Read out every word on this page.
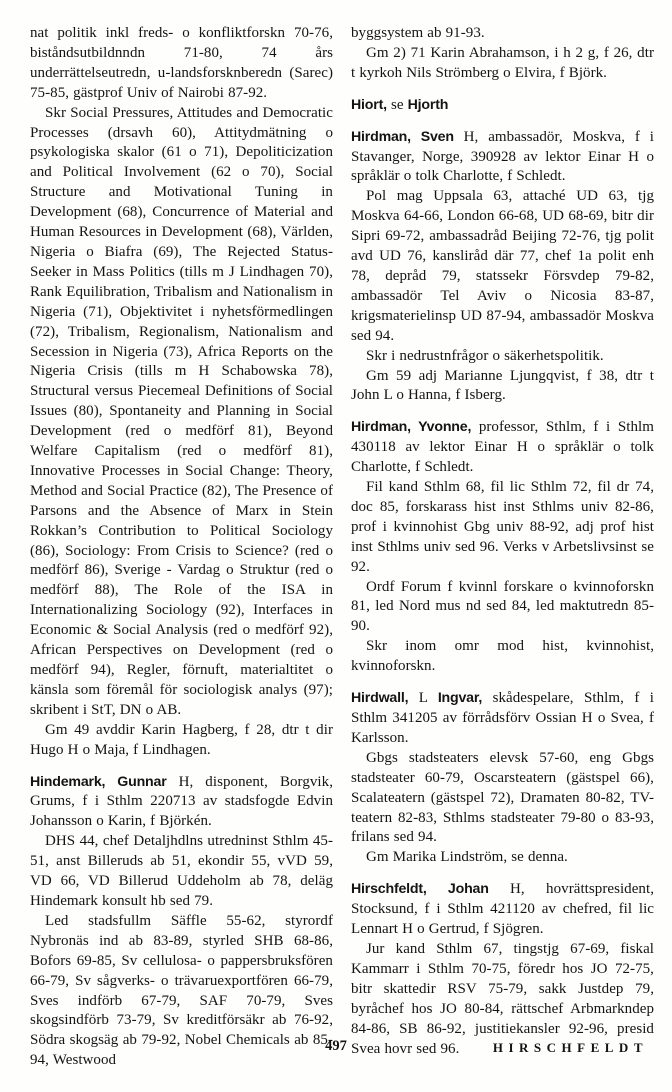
nat politik inkl freds- o konfliktforskn 70-76, biståndsutbildnndn 71-80, 74 års underrättelseutredn, u-landsforsknberedn (Sarec) 75-85, gästprof Univ of Nairobi 87-92.

Skr Social Pressures, Attitudes and Democratic Processes (drsavh 60), Attitydmätning o psykologiska skalor (61 o 71), Depoliticization and Political Involvement (62 o 70), Social Structure and Motivational Tuning in Development (68), Concurrence of Material and Human Resources in Development (68), Världen, Nigeria o Biafra (69), The Rejected Status-Seeker in Mass Politics (tills m J Lindhagen 70), Rank Equilibration, Tribalism and Nationalism in Nigeria (71), Objektivitet i nyhetsförmedlingen (72), Tribalism, Regionalism, Nationalism and Secession in Nigeria (73), Africa Reports on the Nigeria Crisis (tills m H Schabowska 78), Structural versus Piecemeal Definitions of Social Issues (80), Spontaneity and Planning in Social Development (red o medförf 81), Beyond Welfare Capitalism (red o medförf 81), Innovative Processes in Social Change: Theory, Method and Social Practice (82), The Presence of Parsons and the Absence of Marx in Stein Rokkan’s Contribution to Political Sociology (86), Sociology: From Crisis to Science? (red o medförf 86), Sverige - Vardag o Struktur (red o medförf 88), The Role of the ISA in Internationalizing Sociology (92), Interfaces in Economic & Social Analysis (red o medförf 92), African Perspectives on Development (red o medförf 94), Regler, förnuft, materialtitet o känsla som föremål för sociologisk analys (97); skribent i StT, DN o AB.

Gm 49 avddir Karin Hagberg, f 28, dtr t dir Hugo H o Maja, f Lindhagen.

Hindemark, Gunnar H, disponent, Borgvik, Grums, f i Sthlm 220713 av stadsfogde Edvin Johansson o Karin, f Björkén.

DHS 44, chef Detaljhdlns utredninst Sthlm 45-51, anst Billeruds ab 51, ekondir 55, vVD 59, VD 66, VD Billerud Uddeholm ab 78, deläg Hindemark konsult hb sed 79.

Led stadsfullm Säffle 55-62, styrordf Nybronäs ind ab 83-89, styrled SHB 68-86, Bofors 69-85, Sv cellulosa- o pappersbruksfören 66-79, Sv sågverks- o trävaruexportfören 66-79, Sves indförb 67-79, SAF 70-79, Sves skogsindförb 73-79, Sv kreditförsäkr ab 76-92, Södra skogsäg ab 79-92, Nobel Chemicals ab 85-94, Westwood

byggsystem ab 91-93.

Gm 2) 71 Karin Abrahamson, i h 2 g, f 26, dtr t kyrkoh Nils Strömberg o Elvira, f Björk.

Hiort, se Hjorth

Hirdman, Sven H, ambassadör, Moskva, f i Stavanger, Norge, 390928 av lektor Einar H o språklär o tolk Charlotte, f Schledt.

Pol mag Uppsala 63, attaché UD 63, tjg Moskva 64-66, London 66-68, UD 68-69, bitr dir Sipri 69-72, ambassadråd Beijing 72-76, tjg polit avd UD 76, kansliråd där 77, chef 1a polit enh 78, depråd 79, statssekr Försvdep 79-82, ambassadör Tel Aviv o Nicosia 83-87, krigsmaterielinsp UD 87-94, ambassadör Moskva sed 94.

Skr i nedrustnfrågor o säkerhetspolitik.

Gm 59 adj Marianne Ljungqvist, f 38, dtr t John L o Hanna, f Isberg.

Hirdman, Yvonne, professor, Sthlm, f i Sthlm 430118 av lektor Einar H o språklär o tolk Charlotte, f Schledt.

Fil kand Sthlm 68, fil lic Sthlm 72, fil dr 74, doc 85, forskarass hist inst Sthlms univ 82-86, prof i kvinnohist Gbg univ 88-92, adj prof hist inst Sthlms univ sed 96. Verks v Arbetslivsinst se 92.

Ordf Forum f kvinnl forskare o kvinnoforskn 81, led Nord mus nd sed 84, led maktutredn 85-90.

Skr inom omr mod hist, kvinnohist, kvinnoforskn.

Hirdwall, L Ingvar, skådespelare, Sthlm, f i Sthlm 341205 av förrådsförv Ossian H o Svea, f Karlsson.

Gbgs stadsteaters elevsk 57-60, eng Gbgs stadsteater 60-79, Oscarsteatern (gästspel 66), Scalateatern (gästspel 72), Dramaten 80-82, TV-teatern 82-83, Sthlms stadsteater 79-80 o 83-93, frilans sed 94.

Gm Marika Lindström, se denna.

Hirschfeldt, Johan H, hovrättspresident, Stocksund, f i Sthlm 421120 av chefred, fil lic Lennart H o Gertrud, f Sjögren.

Jur kand Sthlm 67, tingstjg 67-69, fiskal Kammarr i Sthlm 70-75, föredr hos JO 72-75, bitr skattedir RSV 75-79, sakk Justdep 79, byråchef hos JO 80-84, rättschef Arbmarkndep 84-86, SB 86-92, justitiekansler 92-96, presid Svea hovr sed 96.

497	HIRSCHFELDT
